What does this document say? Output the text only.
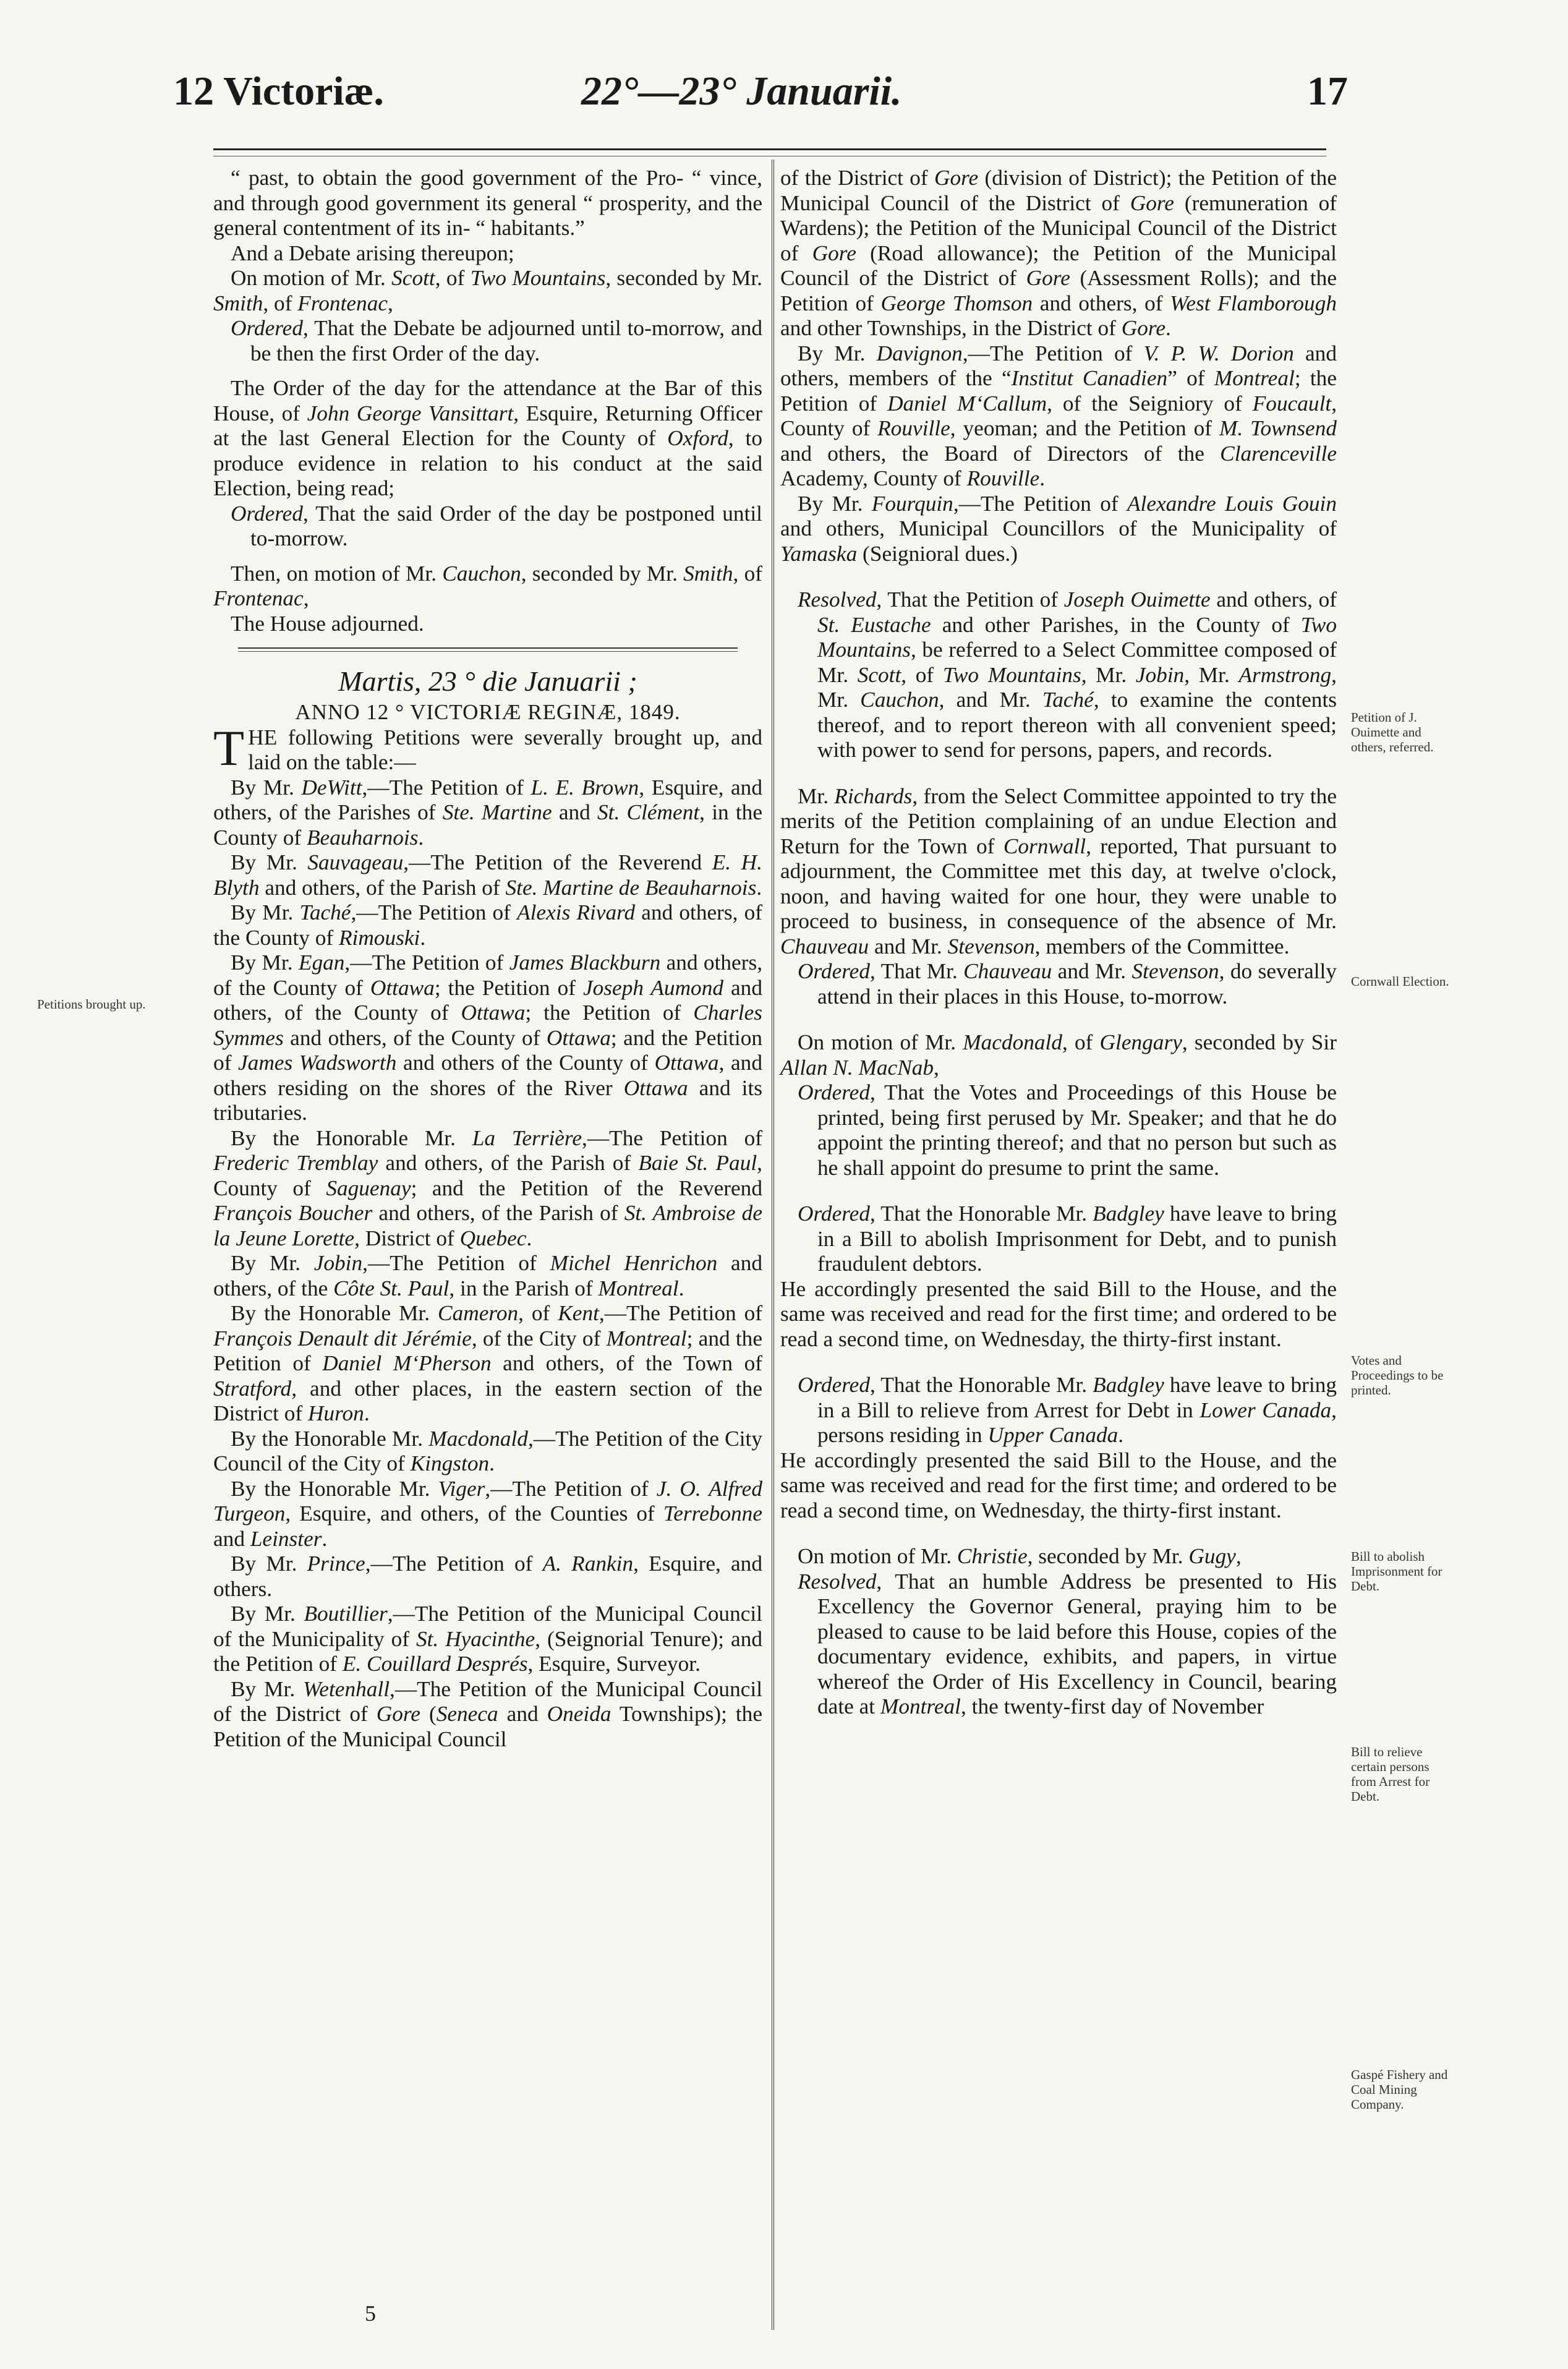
12 Victoriæ.	22°—23° Januarii.	17

“ past, to obtain the good government of the Pro- “ vince, and through good government its general “ prosperity, and the general contentment of its in- “ habitants.”

And a Debate arising thereupon;

On motion of Mr. Scott, of Two Mountains, seconded by Mr. Smith, of Frontenac,

Ordered, That the Debate be adjourned until to-morrow, and be then the first Order of the day.

The Order of the day for the attendance at the Bar of this House, of John George Vansittart, Esquire, Returning Officer at the last General Election for the County of Oxford, to produce evidence in relation to his conduct at the said Election, being read;

Ordered, That the said Order of the day be postponed until to-morrow.

Then, on motion of Mr. Cauchon, seconded by Mr. Smith, of Frontenac,

The House adjourned.

Martis, 23 ° die Januarii ;

ANNO 12 ° VICTORIÆ REGINÆ, 1849.

THE following Petitions were severally brought up, and laid on the table:—

By Mr. DeWitt,—The Petition of L. E. Brown, Esquire, and others, of the Parishes of Ste. Martine and St. Clément, in the County of Beauharnois.

By Mr. Sauvageau,—The Petition of the Reverend E. H. Blyth and others, of the Parish of Ste. Martine de Beauharnois.

By Mr. Taché,—The Petition of Alexis Rivard and others, of the County of Rimouski.

By Mr. Egan,—The Petition of James Blackburn and others, of the County of Ottawa; the Petition of Joseph Aumond and others, of the County of Ottawa; the Petition of Charles Symmes and others, of the County of Ottawa; and the Petition of James Wadsworth and others of the County of Ottawa, and others residing on the shores of the River Ottawa and its tributaries.

By the Honorable Mr. La Terrière,—The Petition of Frederic Tremblay and others, of the Parish of Baie St. Paul, County of Saguenay; and the Petition of the Reverend François Boucher and others, of the Parish of St. Ambroise de la Jeune Lorette, District of Quebec.

By Mr. Jobin,—The Petition of Michel Henrichon and others, of the Côte St. Paul, in the Parish of Montreal.

By the Honorable Mr. Cameron, of Kent,—The Petition of François Denault dit Jérémie, of the City of Montreal; and the Petition of Daniel M‘Pherson and others, of the Town of Stratford, and other places, in the eastern section of the District of Huron.

By the Honorable Mr. Macdonald,—The Petition of the City Council of the City of Kingston.

By the Honorable Mr. Viger,—The Petition of J. O. Alfred Turgeon, Esquire, and others, of the Counties of Terrebonne and Leinster.

By Mr. Prince,—The Petition of A. Rankin, Esquire, and others.

By Mr. Boutillier,—The Petition of the Municipal Council of the Municipality of St. Hyacinthe, (Seignorial Tenure); and the Petition of E. Couillard Després, Esquire, Surveyor.

By Mr. Wetenhall,—The Petition of the Municipal Council of the District of Gore (Seneca and Oneida Townships); the Petition of the Municipal Council

of the District of Gore (division of District); the Petition of the Municipal Council of the District of Gore (remuneration of Wardens); the Petition of the Municipal Council of the District of Gore (Road allowance); the Petition of the Municipal Council of the District of Gore (Assessment Rolls); and the Petition of George Thomson and others, of West Flamborough and other Townships, in the District of Gore.

By Mr. Davignon,—The Petition of V. P. W. Dorion and others, members of the “Institut Canadien” of Montreal; the Petition of Daniel M‘Callum, of the Seigniory of Foucault, County of Rouville, yeoman; and the Petition of M. Townsend and others, the Board of Directors of the Clarenceville Academy, County of Rouville.

By Mr. Fourquin,—The Petition of Alexandre Louis Gouin and others, Municipal Councillors of the Municipality of Yamaska (Seignioral dues.)

Resolved, That the Petition of Joseph Ouimette and others, of St. Eustache and other Parishes, in the County of Two Mountains, be referred to a Select Committee composed of Mr. Scott, of Two Mountains, Mr. Jobin, Mr. Armstrong, Mr. Cauchon, and Mr. Taché, to examine the contents thereof, and to report thereon with all convenient speed; with power to send for persons, papers, and records.

Mr. Richards, from the Select Committee appointed to try the merits of the Petition complaining of an undue Election and Return for the Town of Cornwall, reported, That pursuant to adjournment, the Committee met this day, at twelve o'clock, noon, and having waited for one hour, they were unable to proceed to business, in consequence of the absence of Mr. Chauveau and Mr. Stevenson, members of the Committee.

Ordered, That Mr. Chauveau and Mr. Stevenson, do severally attend in their places in this House, to-morrow.

On motion of Mr. Macdonald, of Glengary, seconded by Sir Allan N. MacNab,

Ordered, That the Votes and Proceedings of this House be printed, being first perused by Mr. Speaker; and that he do appoint the printing thereof; and that no person but such as he shall appoint do presume to print the same.

Ordered, That the Honorable Mr. Badgley have leave to bring in a Bill to abolish Imprisonment for Debt, and to punish fraudulent debtors.

He accordingly presented the said Bill to the House, and the same was received and read for the first time; and ordered to be read a second time, on Wednesday, the thirty-first instant.

Ordered, That the Honorable Mr. Badgley have leave to bring in a Bill to relieve from Arrest for Debt in Lower Canada, persons residing in Upper Canada.

He accordingly presented the said Bill to the House, and the same was received and read for the first time; and ordered to be read a second time, on Wednesday, the thirty-first instant.

On motion of Mr. Christie, seconded by Mr. Gugy,

Resolved, That an humble Address be presented to His Excellency the Governor General, praying him to be pleased to cause to be laid before this House, copies of the documentary evidence, exhibits, and papers, in virtue whereof the Order of His Excellency in Council, bearing date at Montreal, the twenty-first day of November

Petitions brought up.
Petition of J. Ouimette and others, referred.
Cornwall Election.
Votes and Proceedings to be printed.
Bill to abolish Imprisonment for Debt.
Bill to relieve certain persons from Arrest for Debt.
Gaspé Fishery and Coal Mining Company.
5
